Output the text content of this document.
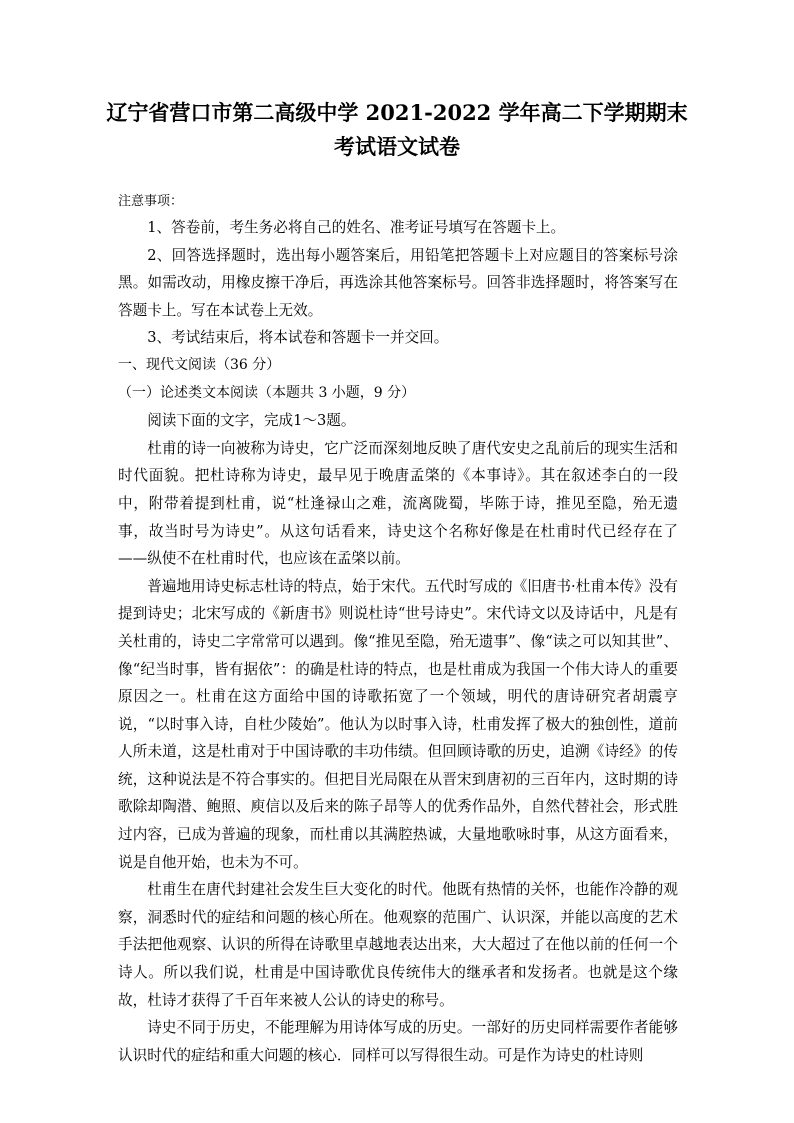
辽宁省营口市第二高级中学 2021-2022 学年高二下学期期末
考试语文试卷

注意事项：

1、答卷前，考生务必将自己的姓名、准考证号填写在答题卡上。

2、回答选择题时，选出每小题答案后，用铅笔把答题卡上对应题目的答案标号涂黑。如需改动，用橡皮擦干净后，再选涂其他答案标号。回答非选择题时，将答案写在答题卡上。写在本试卷上无效。

3、考试结束后，将本试卷和答题卡一并交回。

一、现代文阅读（36 分）

（一）论述类文本阅读（本题共 3 小题，9 分）

阅读下面的文字，完成1～3题。

杜甫的诗一向被称为诗史，它广泛而深刻地反映了唐代安史之乱前后的现实生活和时代面貌。把杜诗称为诗史，最早见于晚唐孟棨的《本事诗》。其在叙述李白的一段中，附带着提到杜甫，说“杜逢禄山之难，流离陇蜀，毕陈于诗，推见至隐，殆无遗事，故当时号为诗史”。从这句话看来，诗史这个名称好像是在杜甫时代已经存在了——纵使不在杜甫时代，也应该在孟棨以前。

普遍地用诗史标志杜诗的特点，始于宋代。五代时写成的《旧唐书·杜甫本传》没有提到诗史；北宋写成的《新唐书》则说杜诗“世号诗史”。宋代诗文以及诗话中，凡是有关杜甫的，诗史二字常常可以遇到。像“推见至隐，殆无遗事”、像“读之可以知其世”、像“纪当时事，皆有据依”：的确是杜诗的特点，也是杜甫成为我国一个伟大诗人的重要原因之一。杜甫在这方面给中国的诗歌拓宽了一个领域，明代的唐诗研究者胡震亨说，“以时事入诗，自杜少陵始”。他认为以时事入诗，杜甫发挥了极大的独创性，道前人所未道，这是杜甫对于中国诗歌的丰功伟绩。但回顾诗歌的历史，追溯《诗经》的传统，这种说法是不符合事实的。但把目光局限在从晋宋到唐初的三百年内，这时期的诗歌除却陶潜、鲍照、庾信以及后来的陈子昂等人的优秀作品外，自然代替社会，形式胜过内容，已成为普遍的现象，而杜甫以其满腔热诚，大量地歌咏时事，从这方面看来，说是自他开始，也未为不可。

杜甫生在唐代封建社会发生巨大变化的时代。他既有热情的关怀，也能作冷静的观察，洞悉时代的症结和问题的核心所在。他观察的范围广、认识深，并能以高度的艺术手法把他观察、认识的所得在诗歌里卓越地表达出来，大大超过了在他以前的任何一个诗人。所以我们说，杜甫是中国诗歌优良传统伟大的继承者和发扬者。也就是这个缘故，杜诗才获得了千百年来被人公认的诗史的称号。

诗史不同于历史，不能理解为用诗体写成的历史。一部好的历史同样需要作者能够认识时代的症结和重大问题的核心．同样可以写得很生动。可是作为诗史的杜诗则
